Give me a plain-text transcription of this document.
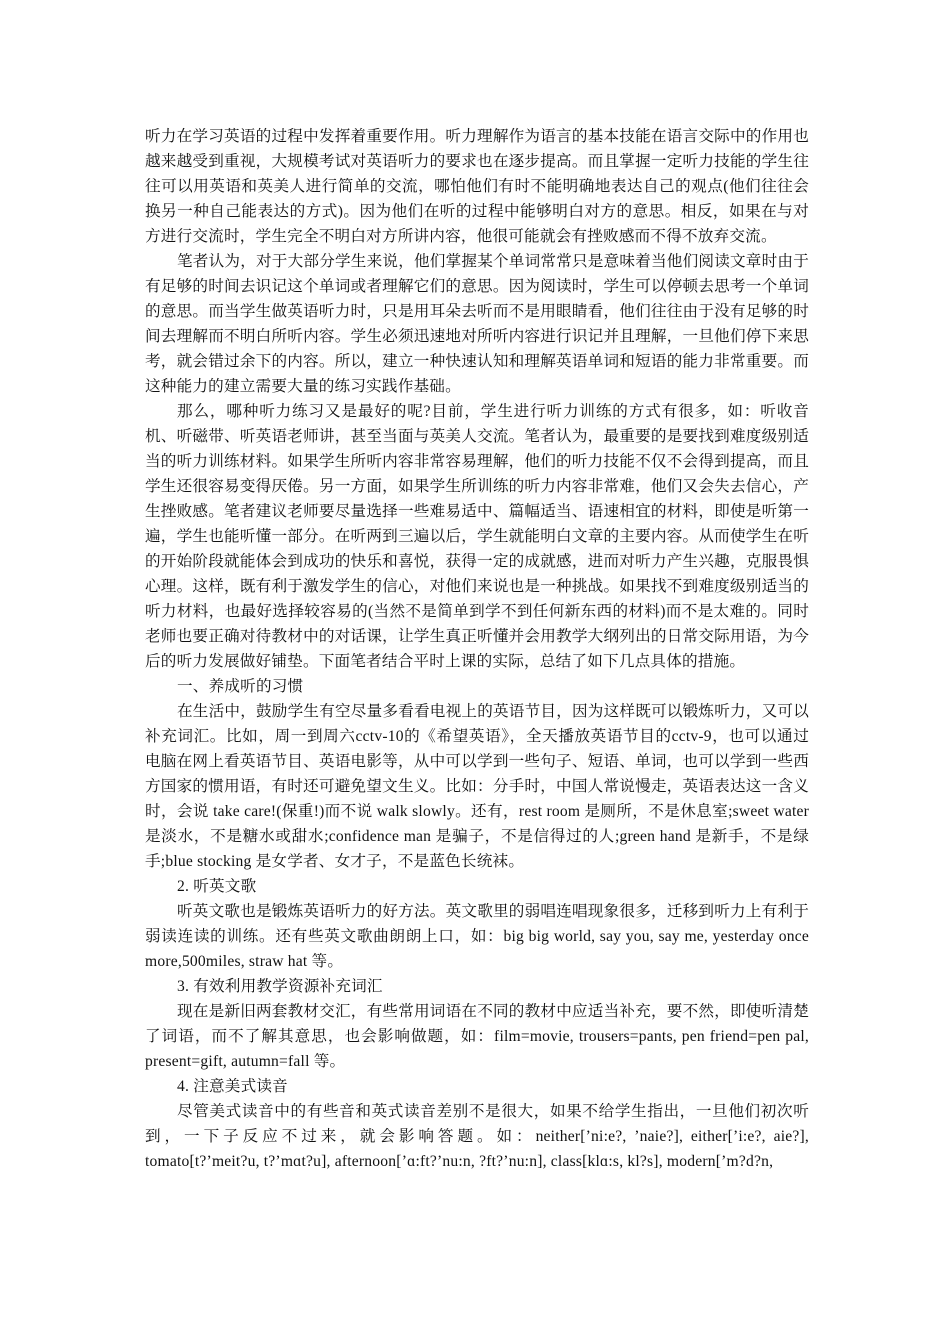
听力在学习英语的过程中发挥着重要作用。听力理解作为语言的基本技能在语言交际中的作用也越来越受到重视，大规模考试对英语听力的要求也在逐步提高。而且掌握一定听力技能的学生往往可以用英语和英美人进行简单的交流，哪怕他们有时不能明确地表达自己的观点(他们往往会换另一种自己能表达的方式)。因为他们在听的过程中能够明白对方的意思。相反，如果在与对方进行交流时，学生完全不明白对方所讲内容，他很可能就会有挫败感而不得不放弃交流。

笔者认为，对于大部分学生来说，他们掌握某个单词常常只是意味着当他们阅读文章时由于有足够的时间去识记这个单词或者理解它们的意思。因为阅读时，学生可以停顿去思考一个单词的意思。而当学生做英语听力时，只是用耳朵去听而不是用眼睛看，他们往往由于没有足够的时间去理解而不明白所听内容。学生必须迅速地对所听内容进行识记并且理解，一旦他们停下来思考，就会错过余下的内容。所以，建立一种快速认知和理解英语单词和短语的能力非常重要。而这种能力的建立需要大量的练习实践作基础。

那么，哪种听力练习又是最好的呢?目前，学生进行听力训练的方式有很多，如：听收音机、听磁带、听英语老师讲，甚至当面与英美人交流。笔者认为，最重要的是要找到难度级别适当的听力训练材料。如果学生所听内容非常容易理解，他们的听力技能不仅不会得到提高，而且学生还很容易变得厌倦。另一方面，如果学生所训练的听力内容非常难，他们又会失去信心，产生挫败感。笔者建议老师要尽量选择一些难易适中、篇幅适当、语速相宜的材料，即使是听第一遍，学生也能听懂一部分。在听两到三遍以后，学生就能明白文章的主要内容。从而使学生在听的开始阶段就能体会到成功的快乐和喜悦，获得一定的成就感，进而对听力产生兴趣，克服畏惧心理。这样，既有利于激发学生的信心，对他们来说也是一种挑战。如果找不到难度级别适当的听力材料，也最好选择较容易的(当然不是简单到学不到任何新东西的材料)而不是太难的。同时老师也要正确对待教材中的对话课，让学生真正听懂并会用教学大纲列出的日常交际用语，为今后的听力发展做好铺垫。下面笔者结合平时上课的实际，总结了如下几点具体的措施。

一、养成听的习惯

在生活中，鼓励学生有空尽量多看看电视上的英语节目，因为这样既可以锻炼听力，又可以补充词汇。比如，周一到周六cctv-10的《希望英语》，全天播放英语节目的cctv-9，也可以通过电脑在网上看英语节目、英语电影等，从中可以学到一些句子、短语、单词，也可以学到一些西方国家的惯用语，有时还可避免望文生义。比如：分手时，中国人常说慢走，英语表达这一含义时，会说 take care!(保重!)而不说 walk slowly。还有，rest room 是厕所，不是休息室;sweet water 是淡水，不是糖水或甜水;confidence man 是骗子，不是信得过的人;green hand 是新手，不是绿手;blue stocking 是女学者、女才子，不是蓝色长统袜。

2. 听英文歌

听英文歌也是锻炼英语听力的好方法。英文歌里的弱唱连唱现象很多，迁移到听力上有利于弱读连读的训练。还有些英文歌曲朗朗上口，如：big big world, say you, say me, yesterday once more,500miles, straw hat 等。

3. 有效利用教学资源补充词汇

现在是新旧两套教材交汇，有些常用词语在不同的教材中应适当补充，要不然，即使听清楚了词语，而不了解其意思，也会影响做题，如：film=movie, trousers=pants, pen friend=pen pal, present=gift, autumn=fall 等。

4. 注意美式读音

尽管美式读音中的有些音和英式读音差别不是很大，如果不给学生指出，一旦他们初次听到，一下子反应不过来，就会影响答题。如：neither[’ni:e?, ’naie?], either[’i:e?, aie?], tomato[t?’meit?u, t?’mɑt?u], afternoon[’ɑ:ft?’nu:n, ?ft?’nu:n], class[klɑ:s, kl?s], modern[’m?d?n,
